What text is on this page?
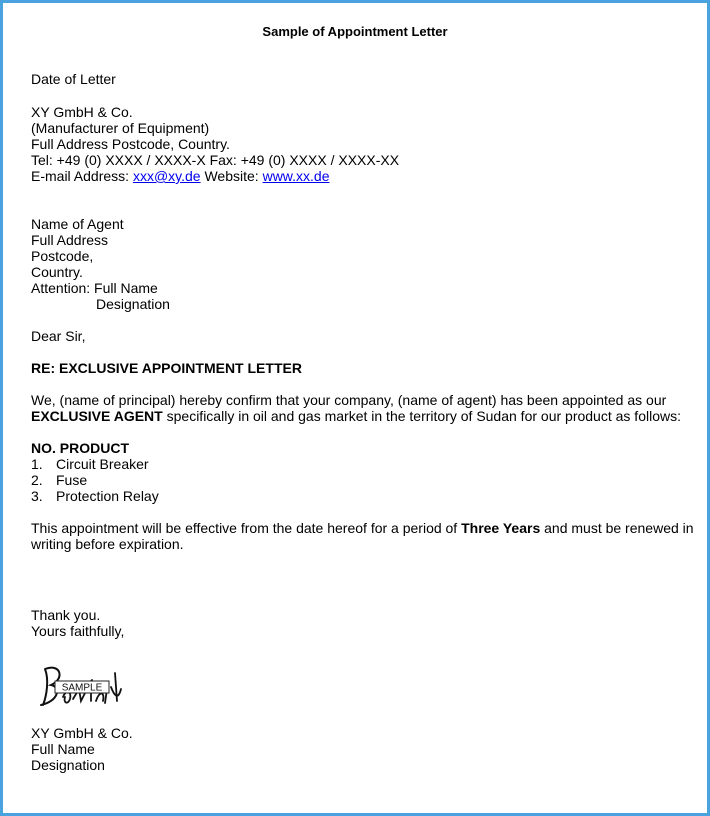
Sample of Appointment Letter
Date of Letter
XY GmbH & Co.
(Manufacturer of Equipment)
Full Address Postcode, Country.
Tel: +49 (0) XXXX / XXXX-X Fax: +49 (0) XXXX / XXXX-XX
E-mail Address: xxx@xy.de Website: www.xx.de
Name of Agent
Full Address
Postcode,
Country.
Attention: Full Name
Designation
Dear Sir,
RE: EXCLUSIVE APPOINTMENT LETTER
We, (name of principal) hereby confirm that your company, (name of agent) has been appointed as our
EXCLUSIVE AGENT specifically in oil and gas market in the territory of Sudan for our product as follows:
NO. PRODUCT
1. Circuit Breaker
2. Fuse
3. Protection Relay
This appointment will be effective from the date hereof for a period of Three Years and must be renewed in writing before expiration.
Thank you.
Yours faithfully,
SAMPLE
XY GmbH & Co.
Full Name
Designation
